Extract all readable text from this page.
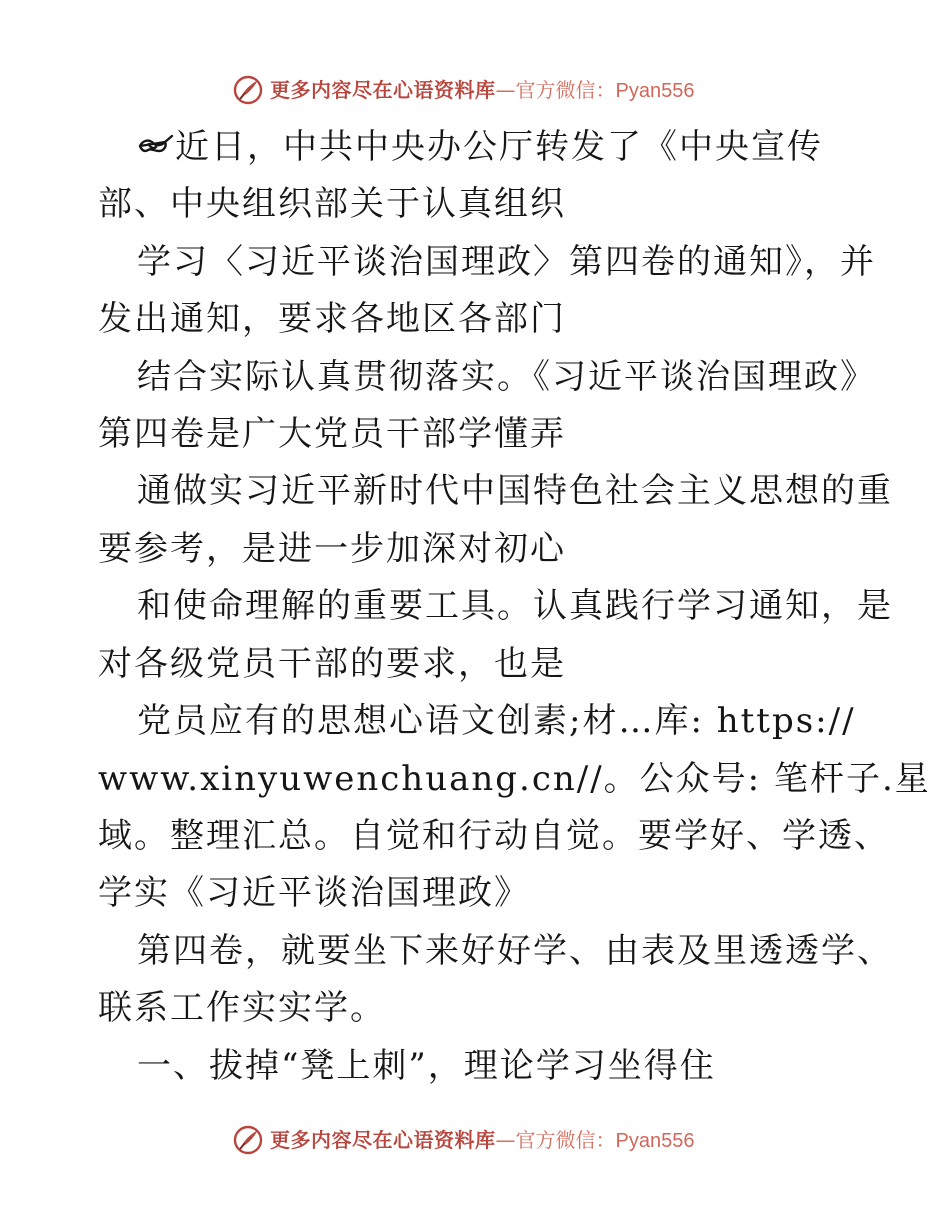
更多内容尽在心语资料库—官方微信：Pyan556
近日，中共中央办公厅转发了《中央宣传
部、中央组织部关于认真组织
学习〈习近平谈治国理政〉第四卷的通知》，并
发出通知，要求各地区各部门
结合实际认真贯彻落实。《习近平谈治国理政》
第四卷是广大党员干部学懂弄
通做实习近平新时代中国特色社会主义思想的重
要参考，是进一步加深对初心
和使命理解的重要工具。认真践行学习通知，是
对各级党员干部的要求，也是
党员应有的思想心语文创素;材…库: https://
www.xinyuwenchuang.cn//。公众号: 笔杆子.星
域。整理汇总。自觉和行动自觉。要学好、学透、
学实《习近平谈治国理政》
第四卷，就要坐下来好好学、由表及里透透学、
联系工作实实学。
一、拔掉“凳上刺”，理论学习坐得住
更多内容尽在心语资料库—官方微信：Pyan556
